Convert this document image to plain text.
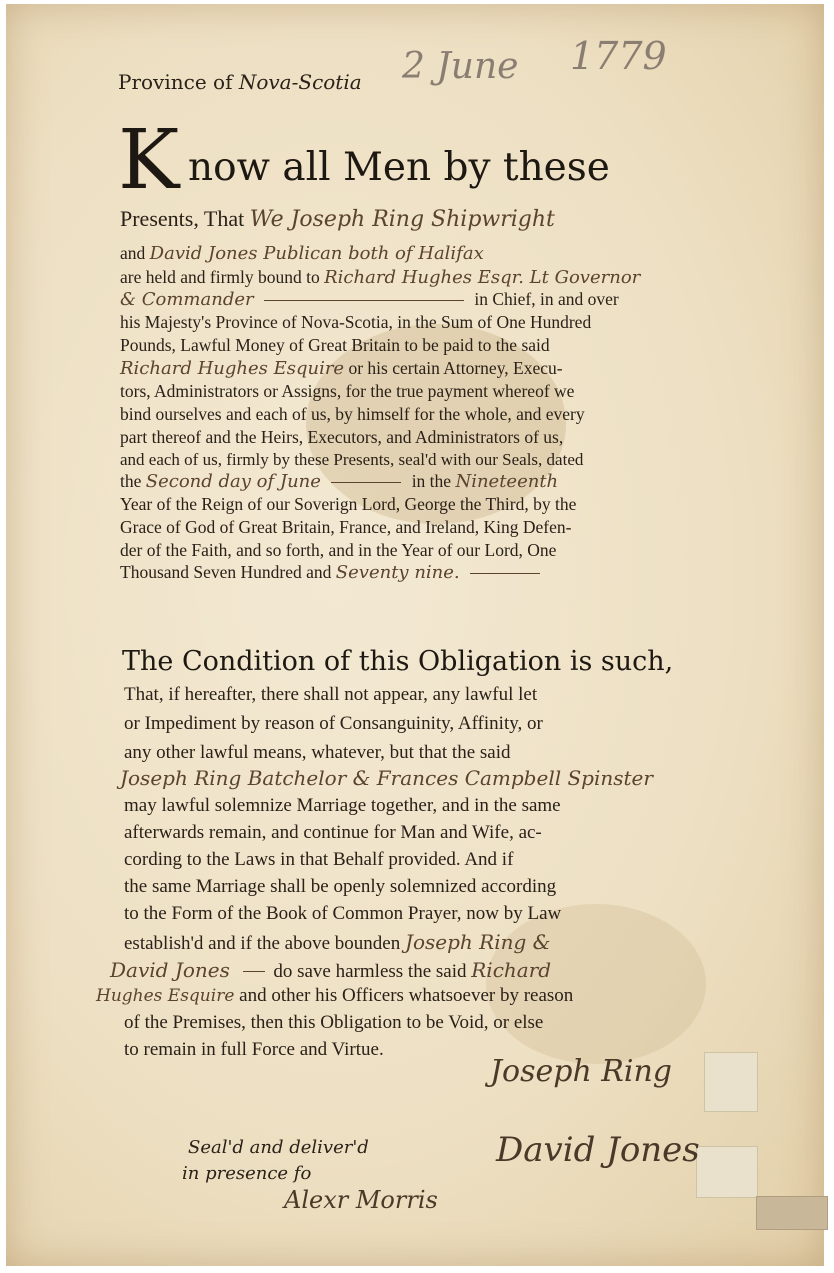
Province of Nova-Scotia 2 June 1779
K now all Men by these
Presents, That We Joseph Ring Shipwright
and David Jones Publican both of Halifax
are held and firmly bound to Richard Hughes Esqr. Lt Governor
& Commander	in Chief, in and over
his Majesty's Province of Nova-Scotia, in the Sum of One Hundred
Pounds, Lawful Money of Great Britain to be paid to the said
Richard Hughes Esquire or his certain Attorney, Execu-
tors, Administrators or Assigns, for the true payment whereof we
bind ourselves and each of us, by himself for the whole, and every
part thereof and the Heirs, Executors, and Administrators of us,
and each of us, firmly by these Presents, seal'd with our Seals, dated
the Second day of June	in the Nineteenth
Year of the Reign of our Soverign Lord, George the Third, by the
Grace of God of Great Britain, France, and Ireland, King Defen-
der of the Faith, and so forth, and in the Year of our Lord, One
Thousand Seven Hundred and Seventy nine.
The Condition of this Obligation is such,
That, if hereafter, there shall not appear, any lawful let
or Impediment by reason of Consanguinity, Affinity, or
any other lawful means, whatever, but that the said
Joseph Ring Batchelor & Frances Campbell Spinster
may lawful solemnize Marriage together, and in the same
afterwards remain, and continue for Man and Wife, ac-
cording to the Laws in that Behalf provided. And if
the same Marriage shall be openly solemnized according
to the Form of the Book of Common Prayer, now by Law
establish'd and if the above bounden Joseph Ring &
David Jones do save harmless the said Richard
Hughes Esquire and other his Officers whatsoever by reason
of the Premises, then this Obligation to be Void, or else
to remain in full Force and Virtue.
Joseph Ring
David Jones
Seal'd and deliver'd
in presence fo
Alexr Morris
